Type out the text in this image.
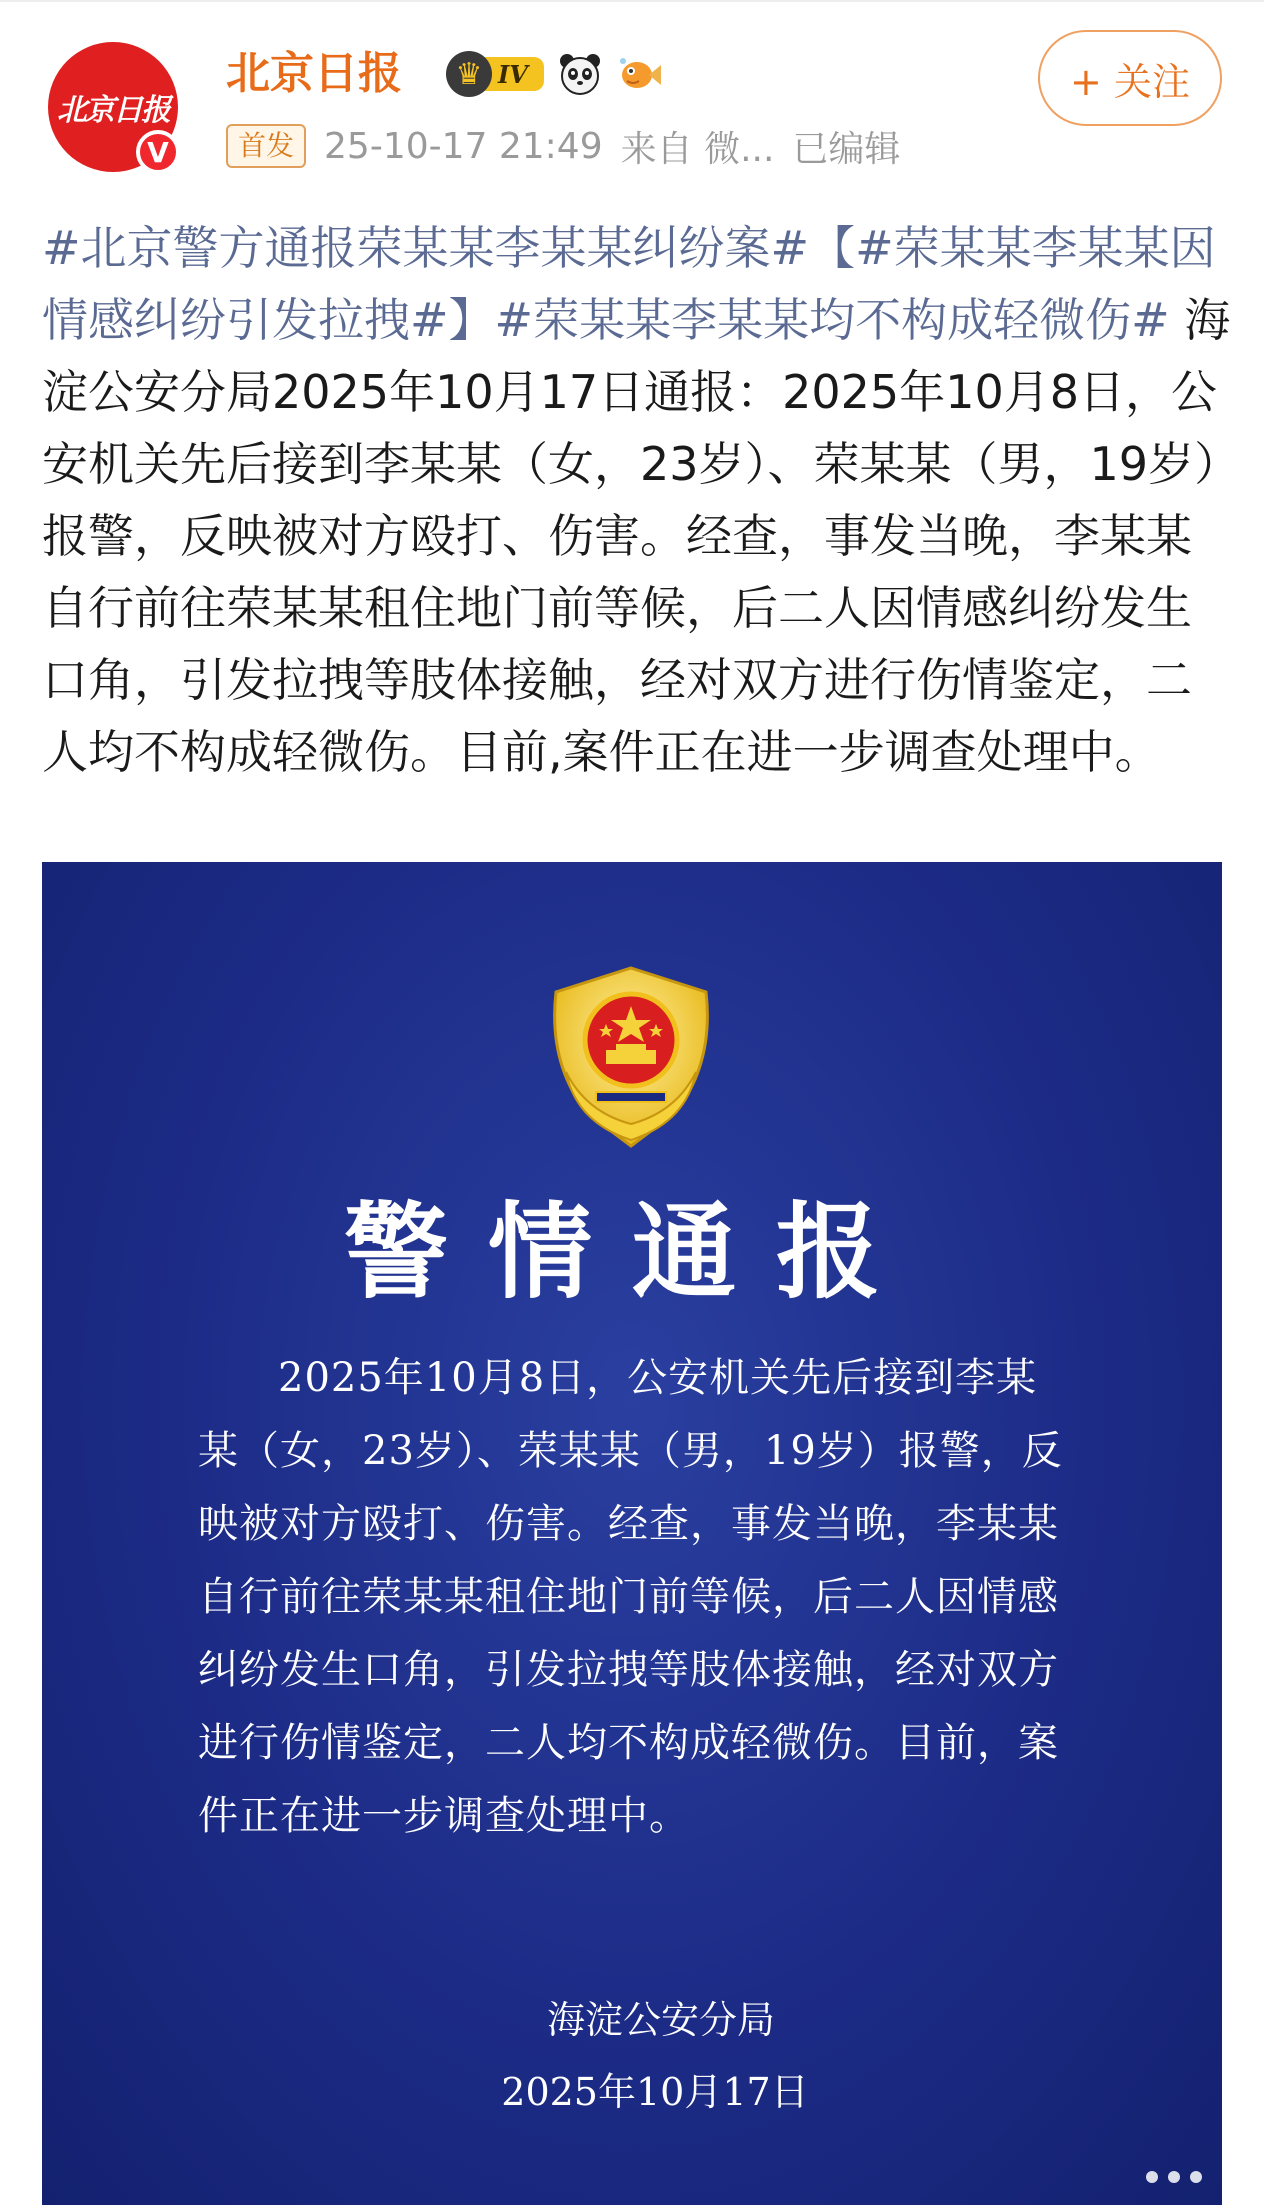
北京日报
V
北京日报	♛ IV
首发 25-10-17 21:49 来自 微... 已编辑
+ 关注

#北京警方通报荣某某李某某纠纷案#【#荣某某李某某因情感纠纷引发拉拽#】#荣某某李某某均不构成轻微伤# 海淀公安分局2025年10月17日通报：2025年10月8日，公安机关先后接到李某某（女，23岁）、荣某某（男，19岁）报警，反映被对方殴打、伤害。经查，事发当晚，李某某自行前往荣某某租住地门前等候，后二人因情感纠纷发生口角，引发拉拽等肢体接触，经对双方进行伤情鉴定，二人均不构成轻微伤。目前,案件正在进一步调查处理中。

警情通报

2025年10月8日，公安机关先后接到李某某（女，23岁）、荣某某（男，19岁）报警，反映被对方殴打、伤害。经查，事发当晚，李某某自行前往荣某某租住地门前等候，后二人因情感纠纷发生口角，引发拉拽等肢体接触，经对双方进行伤情鉴定，二人均不构成轻微伤。目前，案件正在进一步调查处理中。

海淀公安分局
2025年10月17日
